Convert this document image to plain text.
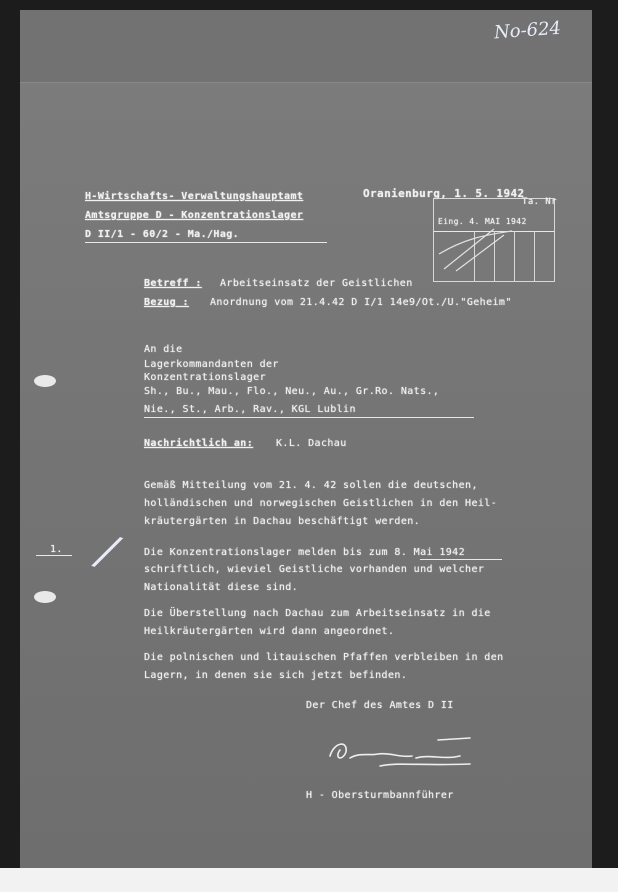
No-624
H-Wirtschafts- Verwaltungshauptamt
Amtsgruppe D - Konzentrationslager
D II/1 - 60/2 - Ma./Hag.
Oranienburg, 1. 5. 1942
Ta. Nr
Eing. 4. MAI 1942
Betreff : Arbeitseinsatz der Geistlichen
Bezug : Anordnung vom 21.4.42 D I/1 14e9/Ot./U."Geheim"
An die
Lagerkommandanten der
Konzentrationslager
Sh., Bu., Mau., Flo., Neu., Au., Gr.Ro. Nats.,
Nie., St., Arb., Rav., KGL Lublin
Nachrichtlich an: K.L. Dachau
Gemäß Mitteilung vom 21. 4. 42 sollen die deutschen,
holländischen und norwegischen Geistlichen in den Heil-
kräutergärten in Dachau beschäftigt werden.
Die Konzentrationslager melden bis zum 8. Mai 1942
schriftlich, wieviel Geistliche vorhanden und welcher
Nationalität diese sind.
Die Überstellung nach Dachau zum Arbeitseinsatz in die
Heilkräutergärten wird dann angeordnet.
Die polnischen und litauischen Pfaffen verbleiben in den
Lagern, in denen sie sich jetzt befinden.
Der Chef des Amtes D II
H - Obersturmbannführer
1. /
